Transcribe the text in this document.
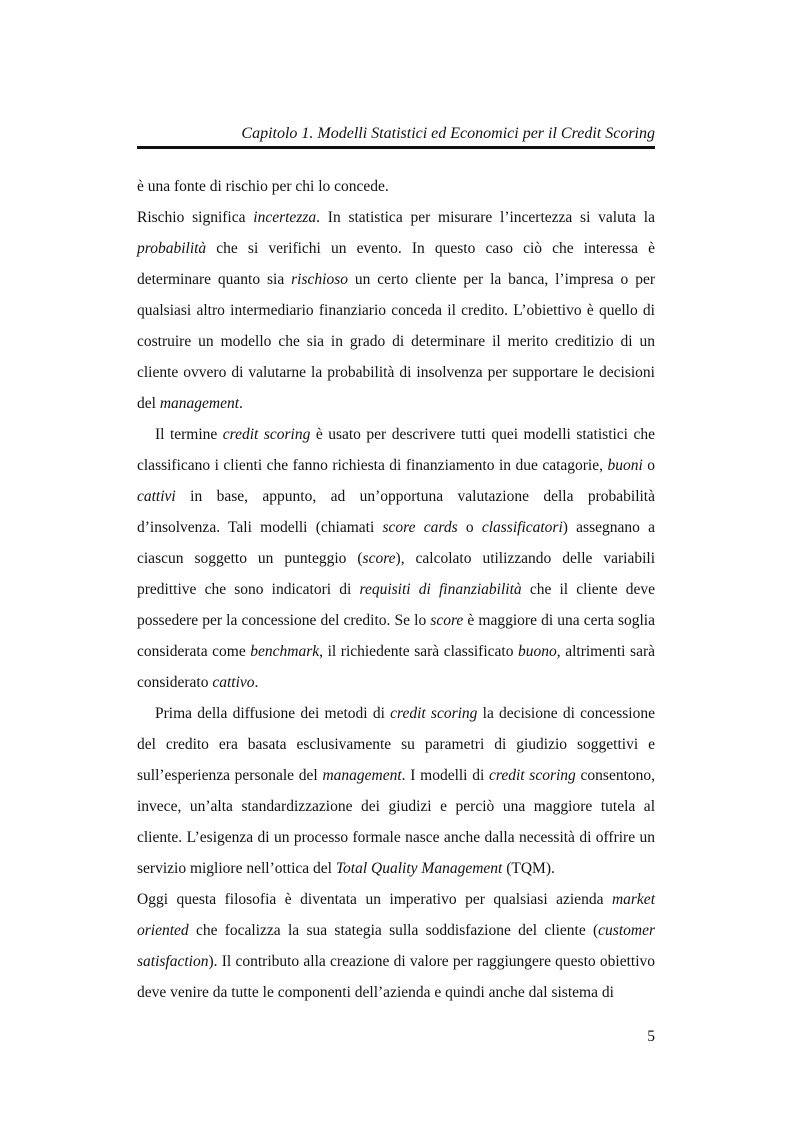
Capitolo 1. Modelli Statistici ed Economici per il Credit Scoring

è una fonte di rischio per chi lo concede.

Rischio significa incertezza. In statistica per misurare l’incertezza si valuta la probabilità che si verifichi un evento. In questo caso ciò che interessa è determinare quanto sia rischioso un certo cliente per la banca, l’impresa o per qualsiasi altro intermediario finanziario conceda il credito. L’obiettivo è quello di costruire un modello che sia in grado di determinare il merito creditizio di un cliente ovvero di valutarne la probabilità di insolvenza per supportare le decisioni del management.

Il termine credit scoring è usato per descrivere tutti quei modelli statistici che classificano i clienti che fanno richiesta di finanziamento in due catagorie, buoni o cattivi in base, appunto, ad un’opportuna valutazione della probabilità d’insolvenza. Tali modelli (chiamati score cards o classificatori) assegnano a ciascun soggetto un punteggio (score), calcolato utilizzando delle variabili predittive che sono indicatori di requisiti di finanziabilità che il cliente deve possedere per la concessione del credito. Se lo score è maggiore di una certa soglia considerata come benchmark, il richiedente sarà classificato buono, altrimenti sarà considerato cattivo.

Prima della diffusione dei metodi di credit scoring la decisione di concessione del credito era basata esclusivamente su parametri di giudizio soggettivi e sull’esperienza personale del management. I modelli di credit scoring consentono, invece, un’alta standardizzazione dei giudizi e perciò una maggiore tutela al cliente. L’esigenza di un processo formale nasce anche dalla necessità di offrire un servizio migliore nell’ottica del Total Quality Management (TQM).

Oggi questa filosofia è diventata un imperativo per qualsiasi azienda market oriented che focalizza la sua stategia sulla soddisfazione del cliente (customer satisfaction). Il contributo alla creazione di valore per raggiungere questo obiettivo deve venire da tutte le componenti dell’azienda e quindi anche dal sistema di

5
